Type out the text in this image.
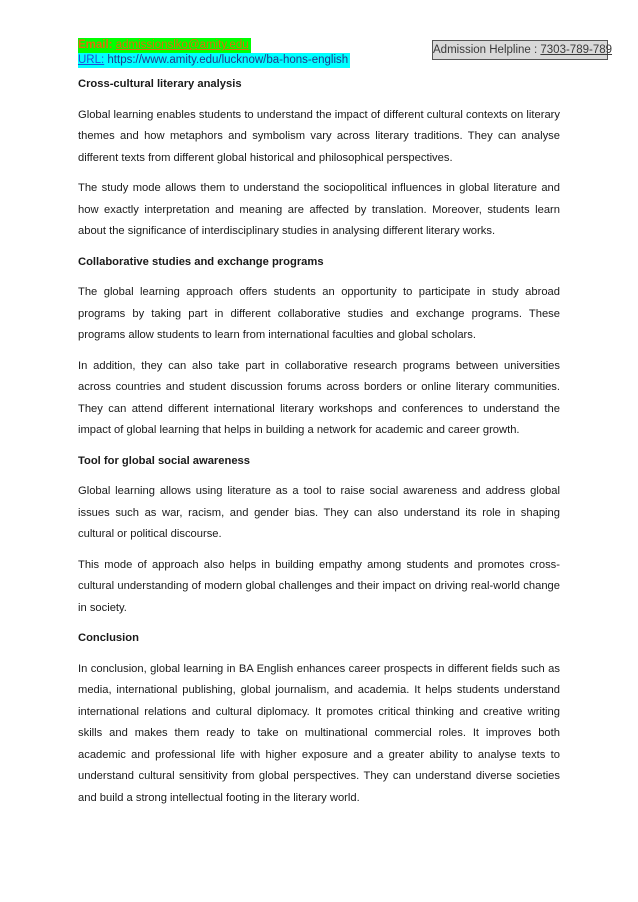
Email: admissionslko@amity.edu
URL: https://www.amity.edu/lucknow/ba-hons-english
Admission Helpline : 7303-789-789
Cross-cultural literary analysis

Global learning enables students to understand the impact of different cultural contexts on literary themes and how metaphors and symbolism vary across literary traditions. They can analyse different texts from different global historical and philosophical perspectives.

The study mode allows them to understand the sociopolitical influences in global literature and how exactly interpretation and meaning are affected by translation. Moreover, students learn about the significance of interdisciplinary studies in analysing different literary works.

Collaborative studies and exchange programs

The global learning approach offers students an opportunity to participate in study abroad programs by taking part in different collaborative studies and exchange programs. These programs allow students to learn from international faculties and global scholars.

In addition, they can also take part in collaborative research programs between universities across countries and student discussion forums across borders or online literary communities. They can attend different international literary workshops and conferences to understand the impact of global learning that helps in building a network for academic and career growth.

Tool for global social awareness

Global learning allows using literature as a tool to raise social awareness and address global issues such as war, racism, and gender bias. They can also understand its role in shaping cultural or political discourse.

This mode of approach also helps in building empathy among students and promotes cross-cultural understanding of modern global challenges and their impact on driving real-world change in society.

Conclusion

In conclusion, global learning in BA English enhances career prospects in different fields such as media, international publishing, global journalism, and academia. It helps students understand international relations and cultural diplomacy. It promotes critical thinking and creative writing skills and makes them ready to take on multinational commercial roles. It improves both academic and professional life with higher exposure and a greater ability to analyse texts to understand cultural sensitivity from global perspectives. They can understand diverse societies and build a strong intellectual footing in the literary world.
